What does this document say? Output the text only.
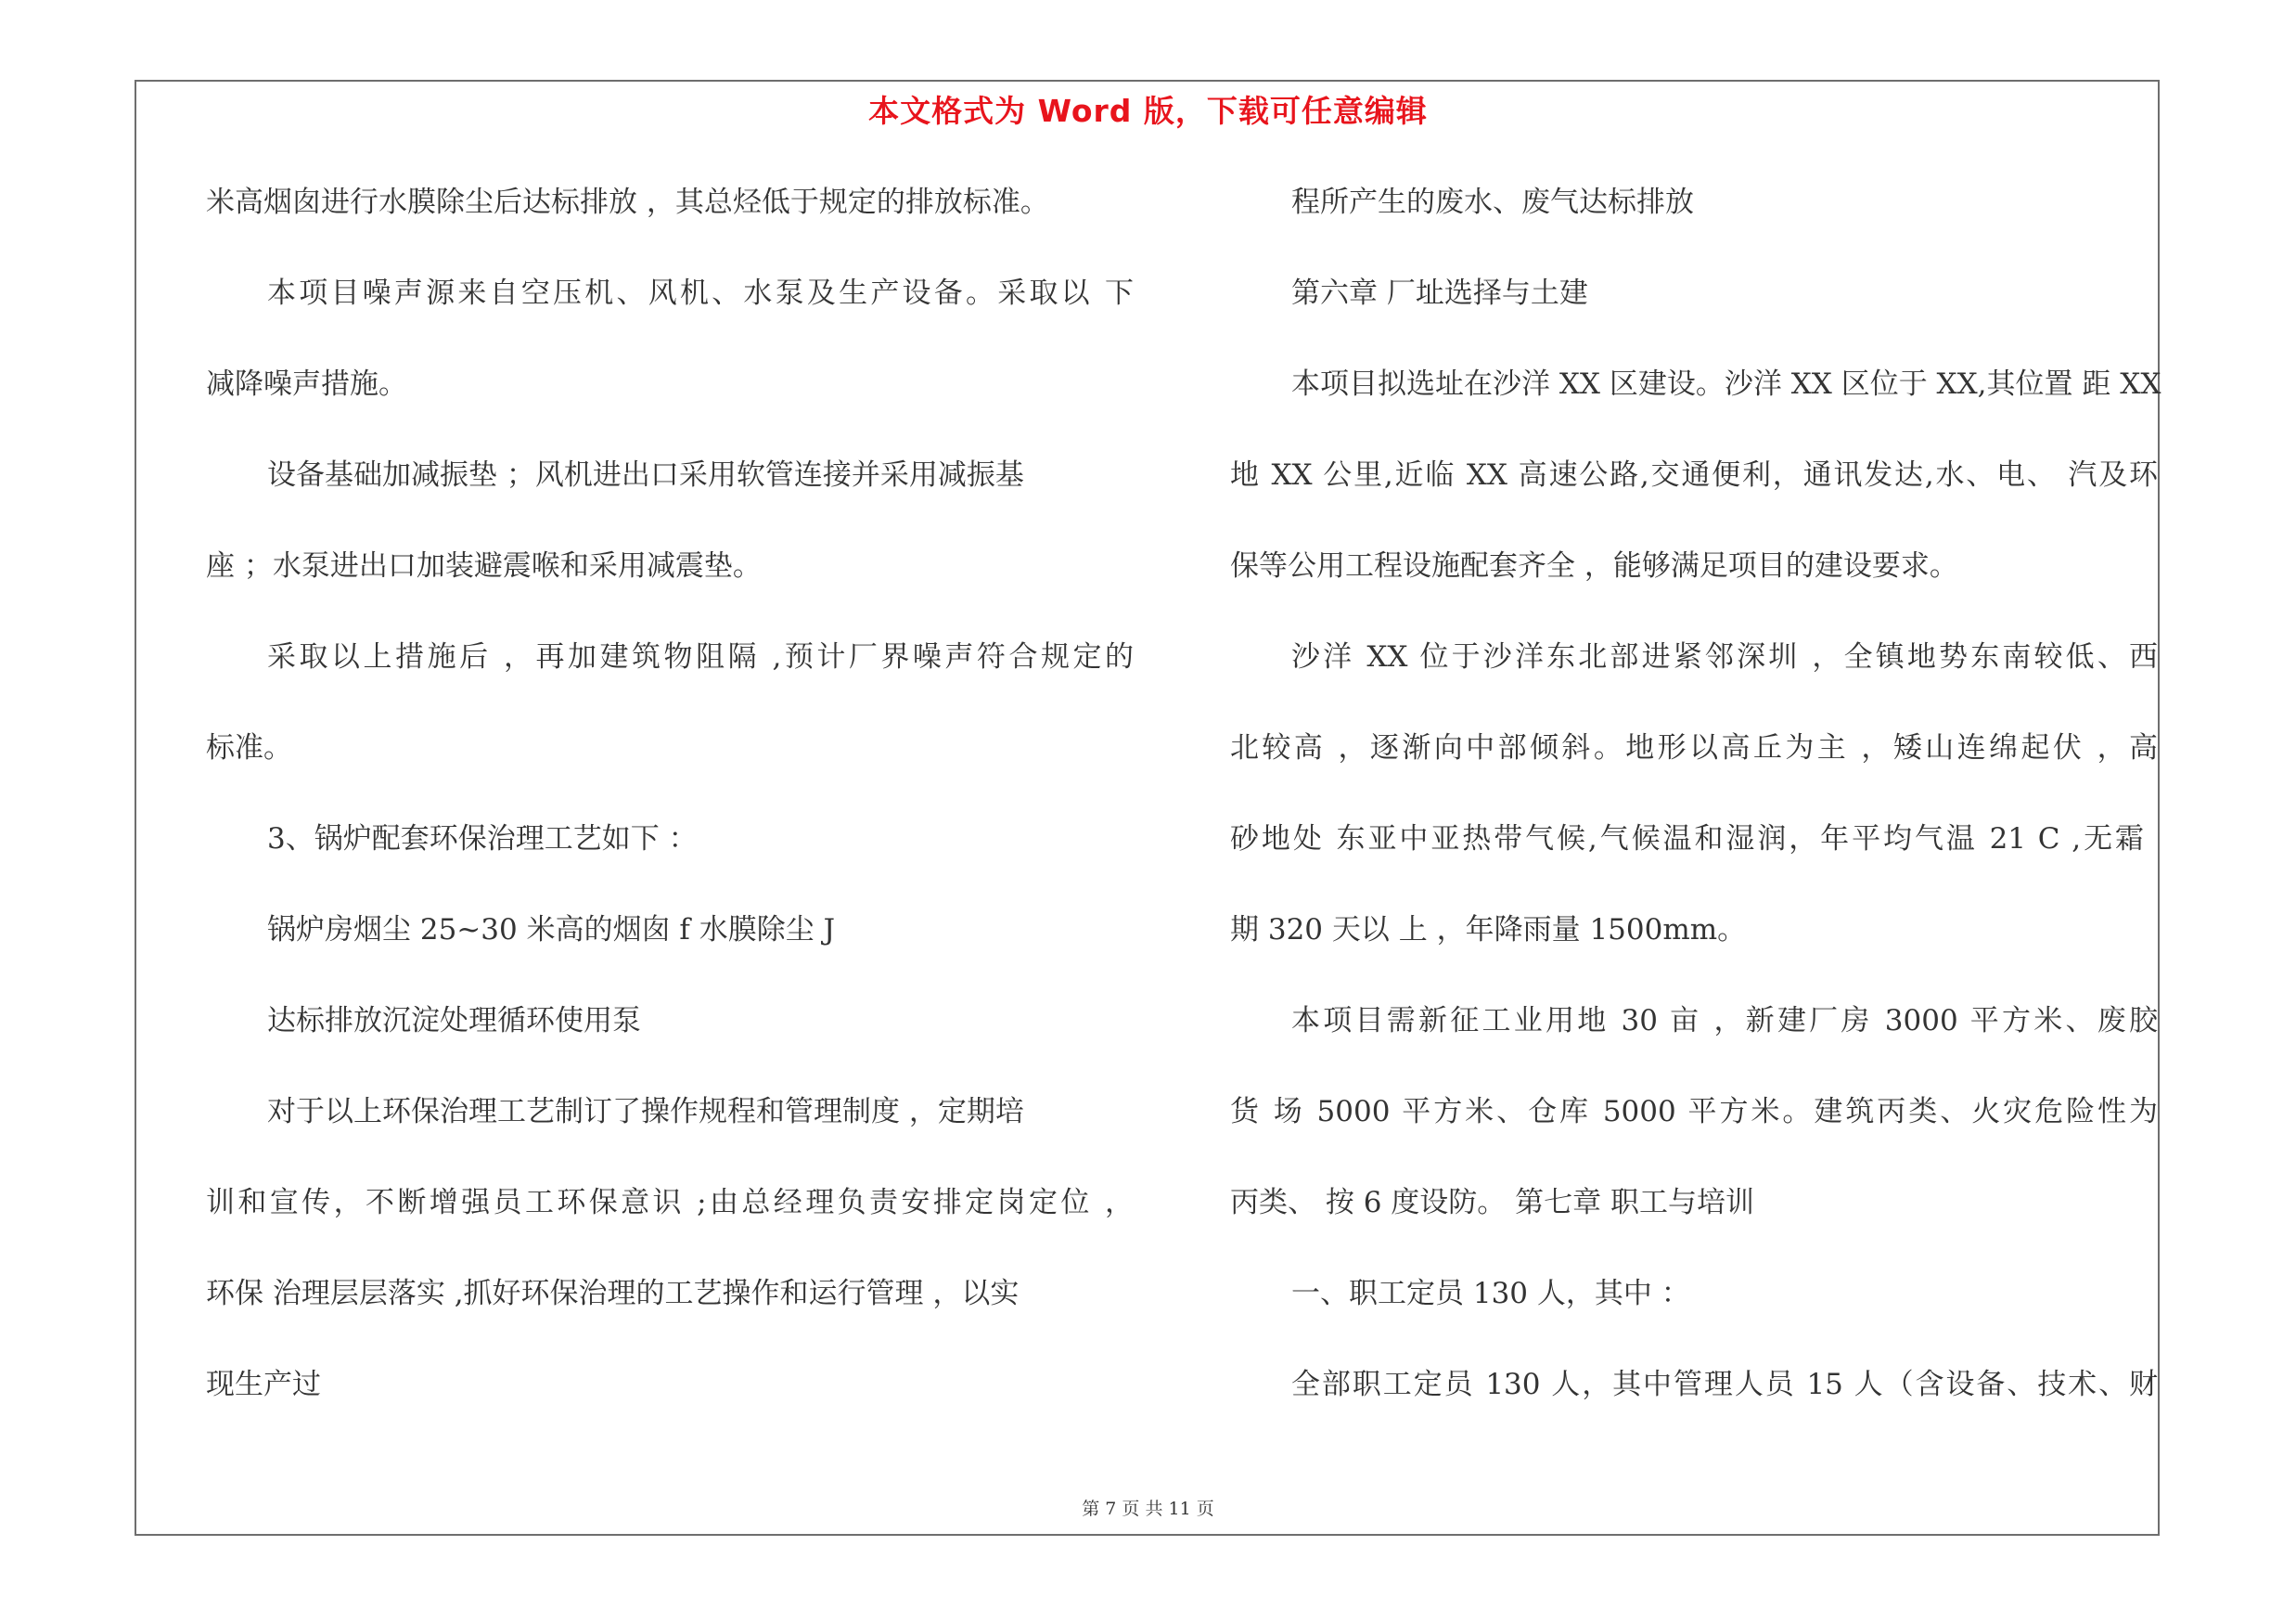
本文格式为 Word 版，下载可任意编辑
米高烟囱进行水膜除尘后达标排放 ，其总烃低于规定的排放标准。
本项目噪声源来自空压机、风机、水泵及生产设备。采取以 下
减降噪声措施。
设备基础加减振垫 ；风机进出口采用软管连接并采用减振基
座 ；水泵进出口加装避震喉和采用减震垫。
采取以上措施后 ，再加建筑物阻隔 ,预计厂界噪声符合规定的
标准。
3、锅炉配套环保治理工艺如下 ：
锅炉房烟尘 25~30 米高的烟囱 f 水膜除尘 J
达标排放沉淀处理循环使用泵
对于以上环保治理工艺制订了操作规程和管理制度 ，定期培
训和宣传，不断增强员工环保意识 ;由总经理负责安排定岗定位 ，
环保 治理层层落实 ,抓好环保治理的工艺操作和运行管理 ，以实
现生产过
程所产生的废水、废气达标排放
第六章 厂址选择与土建
本项目拟选址在沙洋 XX 区建设。沙洋 XX 区位于 XX,其位置 距 XX
地 XX 公里,近临 XX 高速公路,交通便利，通讯发达,水、电、 汽及环
保等公用工程设施配套齐全 ，能够满足项目的建设要求。
沙洋 XX 位于沙洋东北部进紧邻深圳 ，全镇地势东南较低、西
北较高 ，逐渐向中部倾斜。地形以高丘为主 ，矮山连绵起伏 ，高
砂地处 东亚中亚热带气候,气候温和湿润，年平均气温 21 C ,无霜
期 320 天以 上 ，年降雨量 1500mm。
本项目需新征工业用地 30 亩 ，新建厂房 3000 平方米、废胶
货 场 5000 平方米、仓库 5000 平方米。建筑丙类、火灾危险性为
丙类、 按 6 度设防。 第七章 职工与培训
一、职工定员 130 人，其中 ：
全部职工定员 130 人，其中管理人员 15 人（含设备、技术、财
第 7 页 共 11 页
